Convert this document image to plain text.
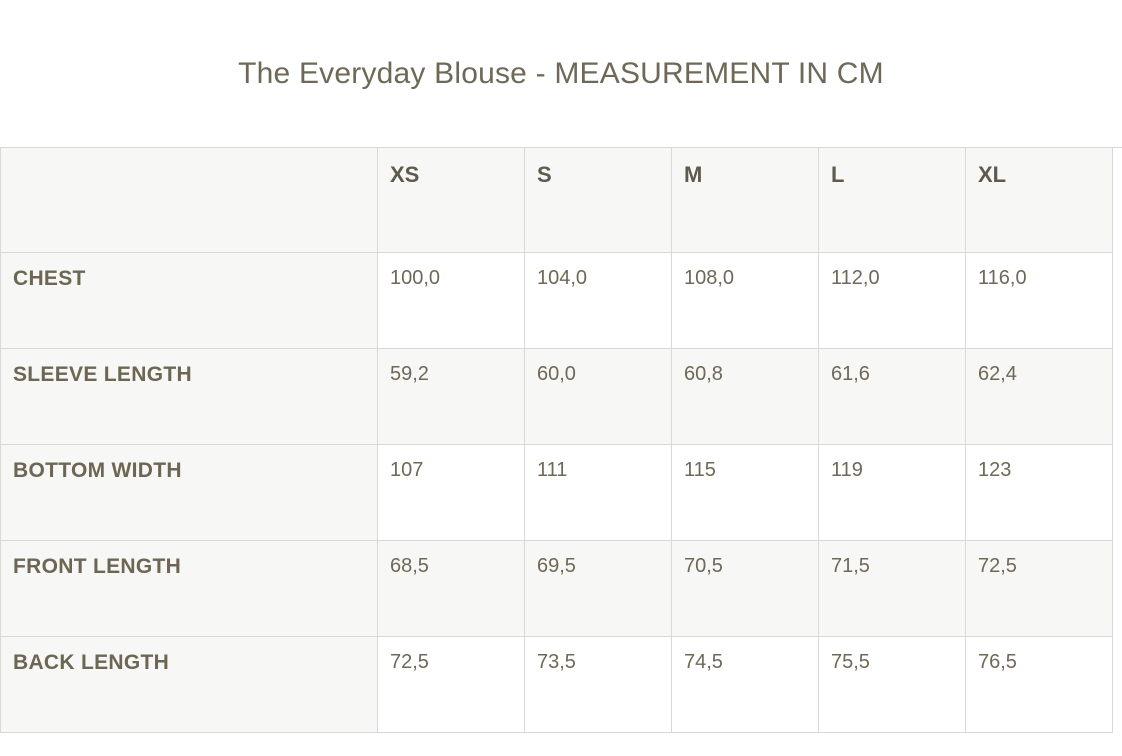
The Everyday Blouse - MEASUREMENT IN CM
	XS	S	M	L	XL
CHEST	100,0	104,0	108,0	112,0	116,0
SLEEVE LENGTH	59,2	60,0	60,8	61,6	62,4
BOTTOM WIDTH	107	111	115	119	123
FRONT LENGTH	68,5	69,5	70,5	71,5	72,5
BACK LENGTH	72,5	73,5	74,5	75,5	76,5
